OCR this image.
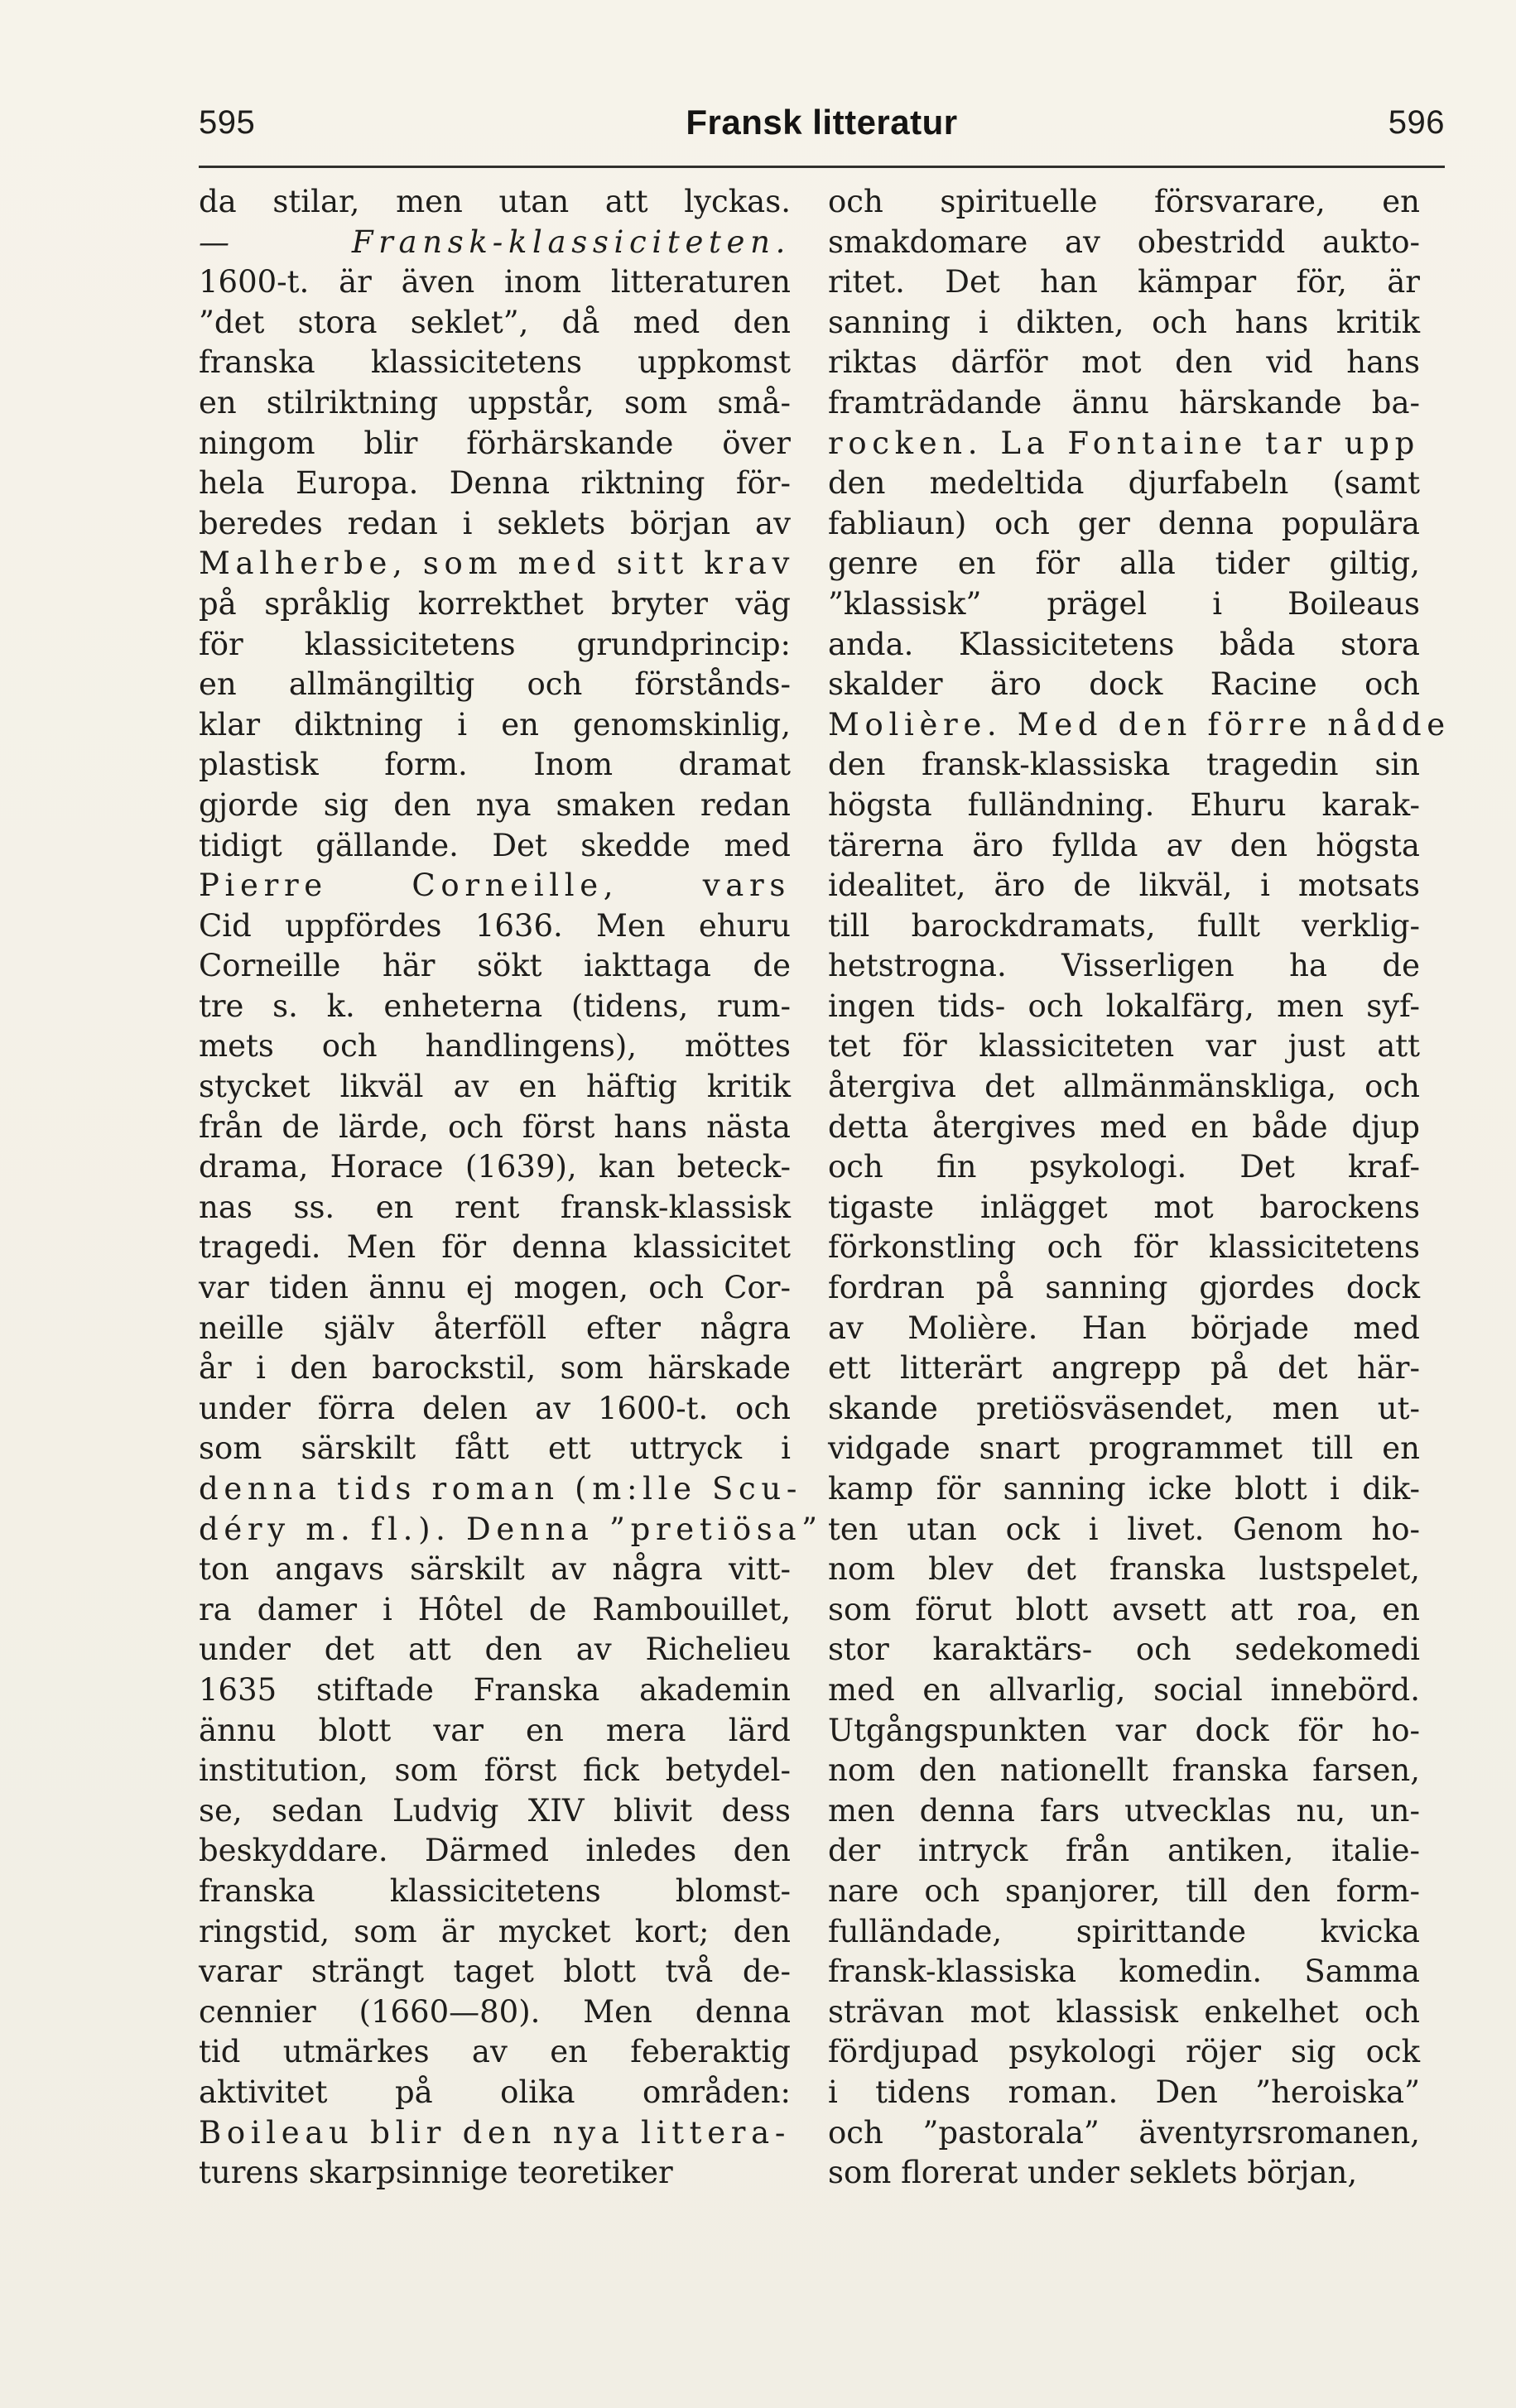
595	Fransk litteratur	596
da stilar, men utan att lyckas.
— Fransk-klassiciteten.
1600-t. är även inom litteraturen
”det stora seklet”, då med den
franska klassicitetens uppkomst
en stilriktning uppstår, som små-
ningom blir förhärskande över
hela Europa. Denna riktning för-
beredes redan i seklets början av
Malherbe, som med sitt krav
på språklig korrekthet bryter väg
för klassicitetens grundprincip:
en allmängiltig och förstånds-
klar diktning i en genomskinlig,
plastisk form. Inom dramat
gjorde sig den nya smaken redan
tidigt gällande. Det skedde med
Pierre Corneille, vars
Cid uppfördes 1636. Men ehuru
Corneille här sökt iakttaga de
tre s. k. enheterna (tidens, rum-
mets och handlingens), möttes
stycket likväl av en häftig kritik
från de lärde, och först hans nästa
drama, Horace (1639), kan beteck-
nas ss. en rent fransk-klassisk
tragedi. Men för denna klassicitet
var tiden ännu ej mogen, och Cor-
neille själv återföll efter några
år i den barockstil, som härskade
under förra delen av 1600-t. och
som särskilt fått ett uttryck i
denna tids roman (m:lle Scu-
déry m. fl.). Denna ”pretiösa”
ton angavs särskilt av några vitt-
ra damer i Hôtel de Rambouillet,
under det att den av Richelieu
1635 stiftade Franska akademin
ännu blott var en mera lärd
institution, som först fick betydel-
se, sedan Ludvig XIV blivit dess
beskyddare. Därmed inledes den
franska klassicitetens blomst-
ringstid, som är mycket kort; den
varar strängt taget blott två de-
cennier (1660—80). Men denna
tid utmärkes av en feberaktig
aktivitet på olika områden:
Boileau blir den nya littera-
turens skarpsinnige teoretiker
och spirituelle försvarare, en
smakdomare av obestridd aukto-
ritet. Det han kämpar för, är
sanning i dikten, och hans kritik
riktas därför mot den vid hans
framträdande ännu härskande ba-
rocken. La Fontaine tar upp
den medeltida djurfabeln (samt
fabliaun) och ger denna populära
genre en för alla tider giltig,
”klassisk” prägel i Boileaus
anda. Klassicitetens båda stora
skalder äro dock Racine och
Molière. Med den förre nådde
den fransk-klassiska tragedin sin
högsta fulländning. Ehuru karak-
tärerna äro fyllda av den högsta
idealitet, äro de likväl, i motsats
till barockdramats, fullt verklig-
hetstrogna. Visserligen ha de
ingen tids- och lokalfärg, men syf-
tet för klassiciteten var just att
återgiva det allmänmänskliga, och
detta återgives med en både djup
och fin psykologi. Det kraf-
tigaste inlägget mot barockens
förkonstling och för klassicitetens
fordran på sanning gjordes dock
av Molière. Han började med
ett litterärt angrepp på det här-
skande pretiösväsendet, men ut-
vidgade snart programmet till en
kamp för sanning icke blott i dik-
ten utan ock i livet. Genom ho-
nom blev det franska lustspelet,
som förut blott avsett att roa, en
stor karaktärs- och sedekomedi
med en allvarlig, social innebörd.
Utgångspunkten var dock för ho-
nom den nationellt franska farsen,
men denna fars utvecklas nu, un-
der intryck från antiken, italie-
nare och spanjorer, till den form-
fulländade, spirittande kvicka
fransk-klassiska komedin. Samma
strävan mot klassisk enkelhet och
fördjupad psykologi röjer sig ock
i tidens roman. Den ”heroiska”
och ”pastorala” äventyrsromanen,
som florerat under seklets början,
